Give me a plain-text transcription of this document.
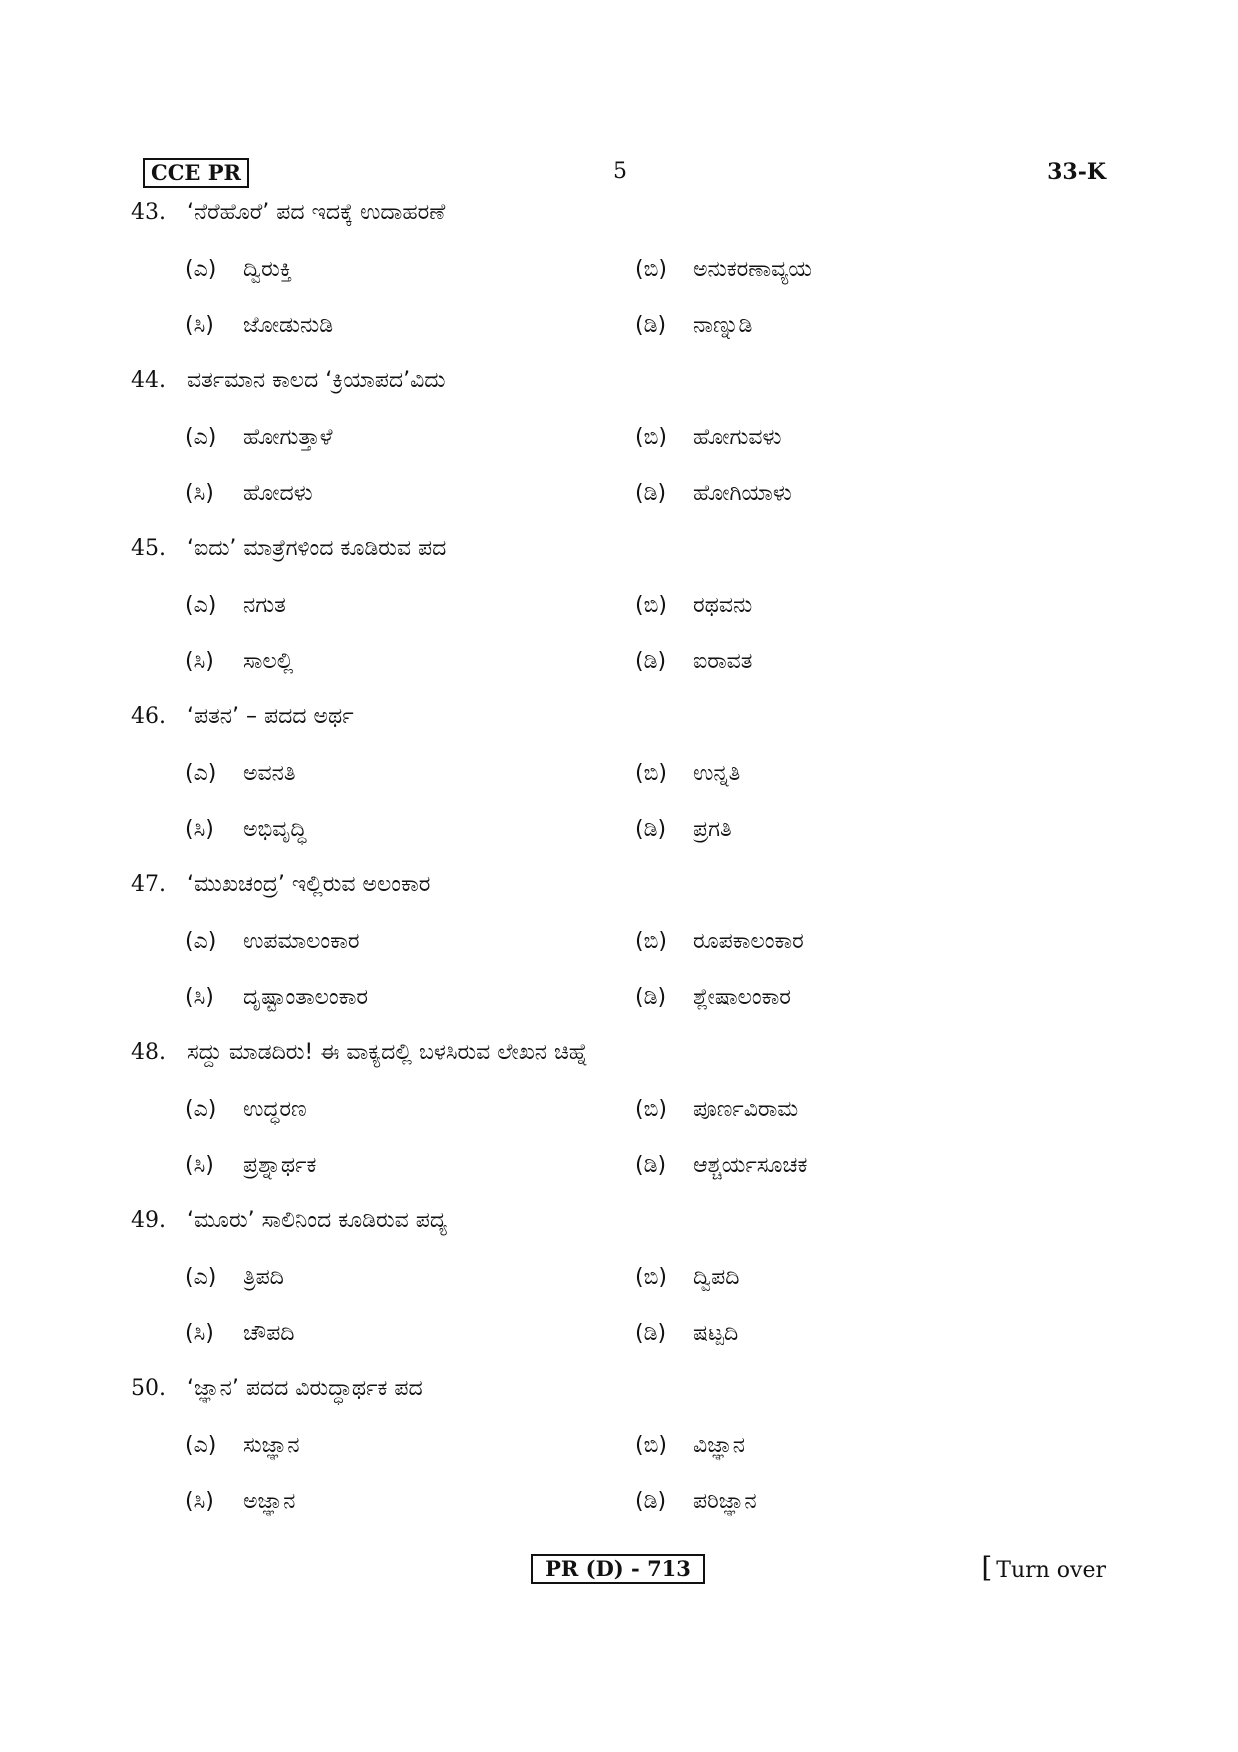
CCE PR	5	33-K
43. ‘ನೆರೆಹೊರೆ’ ಪದ ಇದಕ್ಕೆ ಉದಾಹರಣೆ
(ಎ) ದ್ವಿರುಕ್ತಿ	(ಬಿ) ಅನುಕರಣಾವ್ಯಯ
(ಸಿ) ಜೋಡುನುಡಿ	(ಡಿ) ನಾಣ್ನುಡಿ
44. ವರ್ತಮಾನ ಕಾಲದ ‘ಕ್ರಿಯಾಪದ’ವಿದು
(ಎ) ಹೋಗುತ್ತಾಳೆ	(ಬಿ) ಹೋಗುವಳು
(ಸಿ) ಹೋದಳು	(ಡಿ) ಹೋಗಿಯಾಳು
45. ‘ಐದು’ ಮಾತ್ರೆಗಳಿಂದ ಕೂಡಿರುವ ಪದ
(ಎ) ನಗುತ	(ಬಿ) ರಥವನು
(ಸಿ) ಸಾಲಲ್ಲಿ	(ಡಿ) ಐರಾವತ
46. ‘ಪತನ’ – ಪದದ ಅರ್ಥ
(ಎ) ಅವನತಿ	(ಬಿ) ಉನ್ನತಿ
(ಸಿ) ಅಭಿವೃದ್ಧಿ	(ಡಿ) ಪ್ರಗತಿ
47. ‘ಮುಖಚಂದ್ರ’ ಇಲ್ಲಿರುವ ಅಲಂಕಾರ
(ಎ) ಉಪಮಾಲಂಕಾರ	(ಬಿ) ರೂಪಕಾಲಂಕಾರ
(ಸಿ) ದೃಷ್ಟಾಂತಾಲಂಕಾರ	(ಡಿ) ಶ್ಲೇಷಾಲಂಕಾರ
48. ಸದ್ದು ಮಾಡದಿರು! ಈ ವಾಕ್ಯದಲ್ಲಿ ಬಳಸಿರುವ ಲೇಖನ ಚಿಹ್ನೆ
(ಎ) ಉದ್ಧರಣ	(ಬಿ) ಪೂರ್ಣವಿರಾಮ
(ಸಿ) ಪ್ರಶ್ನಾರ್ಥಕ	(ಡಿ) ಆಶ್ಚರ್ಯಸೂಚಕ
49. ‘ಮೂರು’ ಸಾಲಿನಿಂದ ಕೂಡಿರುವ ಪದ್ಯ
(ಎ) ತ್ರಿಪದಿ	(ಬಿ) ದ್ವಿಪದಿ
(ಸಿ) ಚೌಪದಿ	(ಡಿ) ಷಟ್ಪದಿ
50. ‘ಜ್ಞಾನ’ ಪದದ ವಿರುದ್ಧಾರ್ಥಕ ಪದ
(ಎ) ಸುಜ್ಞಾನ	(ಬಿ) ವಿಜ್ಞಾನ
(ಸಿ) ಅಜ್ಞಾನ	(ಡಿ) ಪರಿಜ್ಞಾನ
PR (D) - 713	[ Turn over
